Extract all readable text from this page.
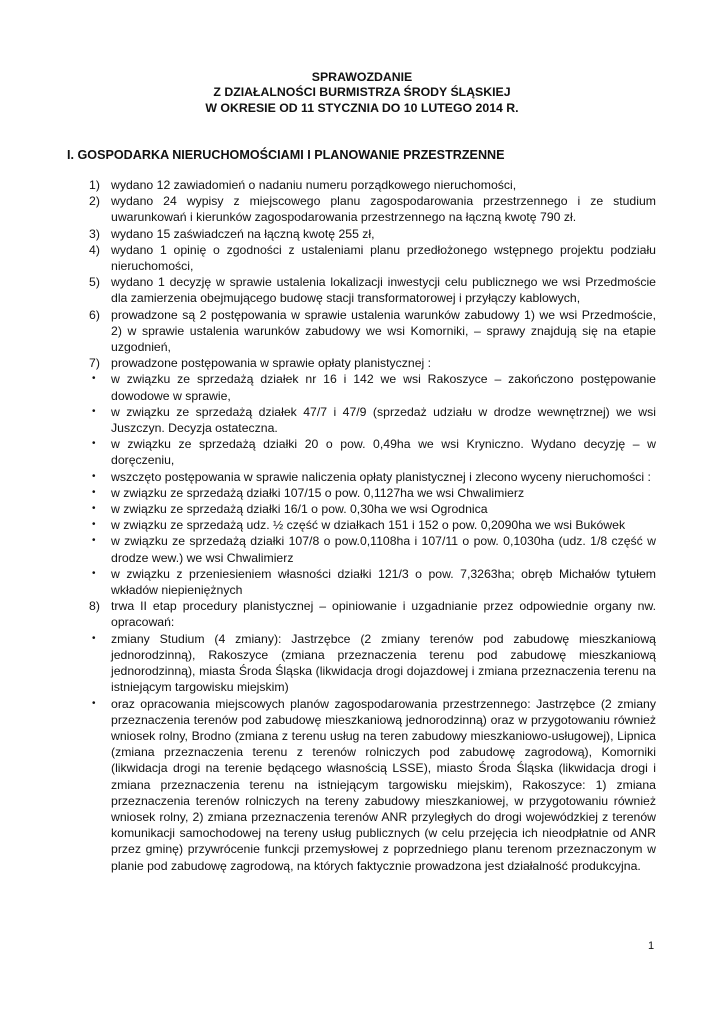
SPRAWOZDANIE
Z DZIAŁALNOŚCI BURMISTRZA ŚRODY ŚLĄSKIEJ
W OKRESIE OD 11 STYCZNIA DO 10 LUTEGO 2014 R.
I. GOSPODARKA NIERUCHOMOŚCIAMI I PLANOWANIE PRZESTRZENNE
1) wydano 12 zawiadomień o nadaniu numeru porządkowego nieruchomości,
2) wydano 24 wypisy z miejscowego planu zagospodarowania przestrzennego i ze studium uwarunkowań i kierunków zagospodarowania przestrzennego na łączną kwotę 790 zł.
3) wydano 15 zaświadczeń na łączną kwotę 255 zł,
4) wydano 1 opinię o zgodności z ustaleniami planu przedłożonego wstępnego projektu podziału nieruchomości,
5) wydano 1 decyzję w sprawie ustalenia lokalizacji inwestycji celu publicznego we wsi Przedmoście dla zamierzenia obejmującego budowę stacji transformatorowej i przyłączy kablowych,
6) prowadzone są 2 postępowania w sprawie ustalenia warunków zabudowy 1) we wsi Przedmoście, 2) w sprawie ustalenia warunków zabudowy we wsi Komorniki, – sprawy znajdują się na etapie uzgodnień,
7) prowadzone postępowania w sprawie opłaty planistycznej :
• w związku ze sprzedażą działek nr 16 i 142 we wsi Rakoszyce – zakończono postępowanie dowodowe w sprawie,
• w związku ze sprzedażą działek 47/7 i 47/9 (sprzedaż udziału w drodze wewnętrznej) we wsi Juszczyn. Decyzja ostateczna.
• w związku ze sprzedażą działki 20 o pow. 0,49ha we wsi Kryniczno. Wydano decyzję – w doręczeniu,
• wszczęto postępowania w sprawie naliczenia opłaty planistycznej i zlecono wyceny nieruchomości :
• w związku ze sprzedażą działki 107/15 o pow. 0,1127ha we wsi Chwalimierz
• w związku ze sprzedażą działki 16/1 o pow. 0,30ha we wsi Ogrodnica
• w związku ze sprzedażą udz. ½ część w działkach 151 i 152 o pow. 0,2090ha we wsi Bukówek
• w związku ze sprzedażą działki 107/8 o pow.0,1108ha i 107/11 o pow. 0,1030ha (udz. 1/8 część w drodze wew.) we wsi Chwalimierz
• w związku z przeniesieniem własności działki 121/3 o pow. 7,3263ha; obręb Michałów tytułem wkładów niepieniężnych
8) trwa II etap procedury planistycznej – opiniowanie i uzgadnianie przez odpowiednie organy nw. opracowań:
• zmiany Studium (4 zmiany): Jastrzębce (2 zmiany terenów pod zabudowę mieszkaniową jednorodzinną), Rakoszyce (zmiana przeznaczenia terenu pod zabudowę mieszkaniową jednorodzinną), miasta Środa Śląska (likwidacja drogi dojazdowej i zmiana przeznaczenia terenu na istniejącym targowisku miejskim)
• oraz opracowania miejscowych planów zagospodarowania przestrzennego: Jastrzębce (2 zmiany przeznaczenia terenów pod zabudowę mieszkaniową jednorodzinną) oraz w przygotowaniu również wniosek rolny, Brodno (zmiana z terenu usług na teren zabudowy mieszkaniowo-usługowej), Lipnica (zmiana przeznaczenia terenu z terenów rolniczych pod zabudowę zagrodową), Komorniki (likwidacja drogi na terenie będącego własnością LSSE), miasto Środa Śląska (likwidacja drogi i zmiana przeznaczenia terenu na istniejącym targowisku miejskim), Rakoszyce: 1) zmiana przeznaczenia terenów rolniczych na tereny zabudowy mieszkaniowej, w przygotowaniu również wniosek rolny, 2) zmiana przeznaczenia terenów ANR przyległych do drogi wojewódzkiej z terenów komunikacji samochodowej na tereny usług publicznych (w celu przejęcia ich nieodpłatnie od ANR przez gminę) przywrócenie funkcji przemysłowej z poprzedniego planu terenom przeznaczonym w planie pod zabudowę zagrodową, na których faktycznie prowadzona jest działalność produkcyjna.
1
